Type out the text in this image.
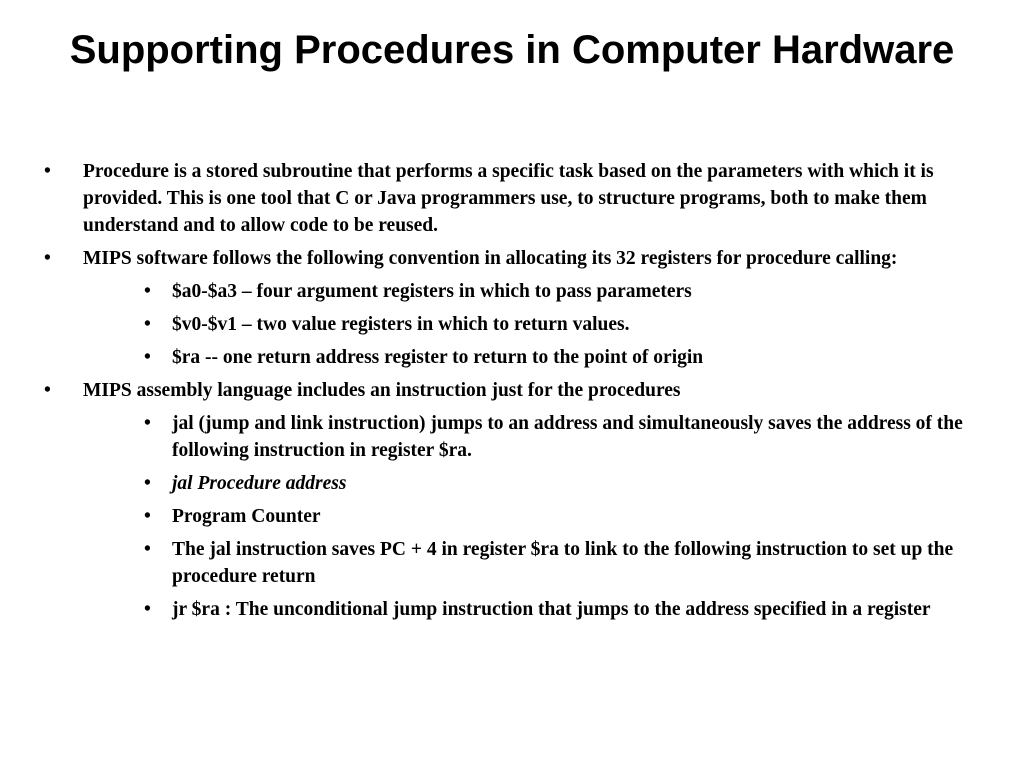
Supporting Procedures in Computer Hardware
• Procedure is a stored subroutine that performs a specific task based on the parameters with which it is provided. This is one tool that C or Java programmers use, to structure programs, both to make them understand and to allow code to be reused.
• MIPS software follows the following convention in allocating its 32 registers for procedure calling:
• $a0-$a3 – four argument registers in which to pass parameters
• $v0-$v1 – two value registers in which to return values.
• $ra -- one return address register to return to the point of origin
• MIPS assembly language includes an instruction just for the procedures
• jal (jump and link instruction) jumps to an address and simultaneously saves the address of the following instruction in register $ra.
• jal Procedure address
• Program Counter
• The jal instruction saves PC + 4 in register $ra to link to the following instruction to set up the procedure return
• jr $ra : The unconditional jump instruction that jumps to the address specified in a register
